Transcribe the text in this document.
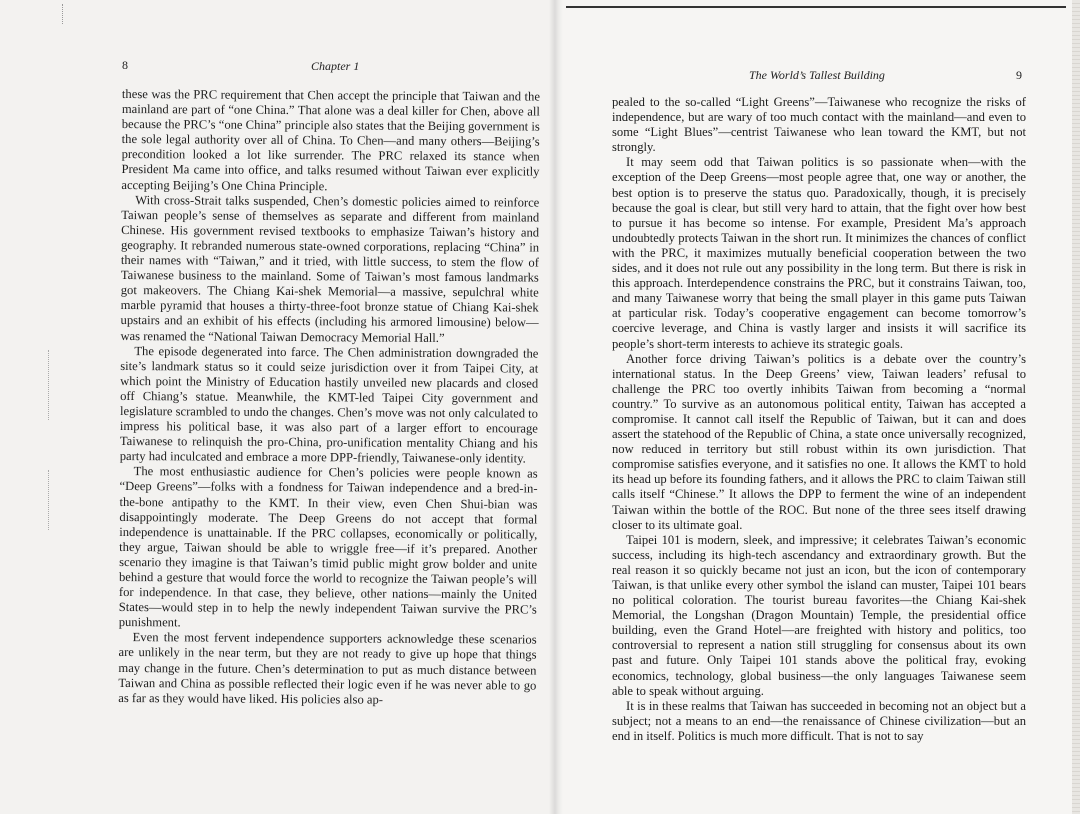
8	Chapter 1
The World’s Tallest Building	9

these was the PRC requirement that Chen accept the principle that Taiwan and the mainland are part of “one China.” That alone was a deal killer for Chen, above all because the PRC’s “one China” principle also states that the Beijing government is the sole legal authority over all of China. To Chen—and many others—Beijing’s precondition looked a lot like surrender. The PRC relaxed its stance when President Ma came into office, and talks resumed without Taiwan ever explicitly accepting Beijing’s One China Principle.

With cross-Strait talks suspended, Chen’s domestic policies aimed to reinforce Taiwan people’s sense of themselves as separate and different from mainland Chinese. His government revised textbooks to emphasize Taiwan’s history and geography. It rebranded numerous state-owned corporations, replacing “China” in their names with “Taiwan,” and it tried, with little success, to stem the flow of Taiwanese business to the mainland. Some of Taiwan’s most famous landmarks got makeovers. The Chiang Kai-shek Memorial—a massive, sepulchral white marble pyramid that houses a thirty-three-foot bronze statue of Chiang Kai-shek upstairs and an exhibit of his effects (including his armored limousine) below—was renamed the “National Taiwan Democracy Memorial Hall.”

The episode degenerated into farce. The Chen administration downgraded the site’s landmark status so it could seize jurisdiction over it from Taipei City, at which point the Ministry of Education hastily unveiled new placards and closed off Chiang’s statue. Meanwhile, the KMT-led Taipei City government and legislature scrambled to undo the changes. Chen’s move was not only calculated to impress his political base, it was also part of a larger effort to encourage Taiwanese to relinquish the pro-China, pro-unification mentality Chiang and his party had inculcated and embrace a more DPP-friendly, Taiwanese-only identity.

The most enthusiastic audience for Chen’s policies were people known as “Deep Greens”—folks with a fondness for Taiwan independence and a bred-in-the-bone antipathy to the KMT. In their view, even Chen Shui-bian was disappointingly moderate. The Deep Greens do not accept that formal independence is unattainable. If the PRC collapses, economically or politically, they argue, Taiwan should be able to wriggle free—if it’s prepared. Another scenario they imagine is that Taiwan’s timid public might grow bolder and unite behind a gesture that would force the world to recognize the Taiwan people’s will for independence. In that case, they believe, other nations—mainly the United States—would step in to help the newly independent Taiwan survive the PRC’s punishment.

Even the most fervent independence supporters acknowledge these scenarios are unlikely in the near term, but they are not ready to give up hope that things may change in the future. Chen’s determination to put as much distance between Taiwan and China as possible reflected their logic even if he was never able to go as far as they would have liked. His policies also ap-

pealed to the so-called “Light Greens”—Taiwanese who recognize the risks of independence, but are wary of too much contact with the mainland—and even to some “Light Blues”—centrist Taiwanese who lean toward the KMT, but not strongly.

It may seem odd that Taiwan politics is so passionate when—with the exception of the Deep Greens—most people agree that, one way or another, the best option is to preserve the status quo. Paradoxically, though, it is precisely because the goal is clear, but still very hard to attain, that the fight over how best to pursue it has become so intense. For example, President Ma’s approach undoubtedly protects Taiwan in the short run. It minimizes the chances of conflict with the PRC, it maximizes mutually beneficial cooperation between the two sides, and it does not rule out any possibility in the long term. But there is risk in this approach. Interdependence constrains the PRC, but it constrains Taiwan, too, and many Taiwanese worry that being the small player in this game puts Taiwan at particular risk. Today’s cooperative engagement can become tomorrow’s coercive leverage, and China is vastly larger and insists it will sacrifice its people’s short-term interests to achieve its strategic goals.

Another force driving Taiwan’s politics is a debate over the country’s international status. In the Deep Greens’ view, Taiwan leaders’ refusal to challenge the PRC too overtly inhibits Taiwan from becoming a “normal country.” To survive as an autonomous political entity, Taiwan has accepted a compromise. It cannot call itself the Republic of Taiwan, but it can and does assert the statehood of the Republic of China, a state once universally recognized, now reduced in territory but still robust within its own jurisdiction. That compromise satisfies everyone, and it satisfies no one. It allows the KMT to hold its head up before its founding fathers, and it allows the PRC to claim Taiwan still calls itself “Chinese.” It allows the DPP to ferment the wine of an independent Taiwan within the bottle of the ROC. But none of the three sees itself drawing closer to its ultimate goal.

Taipei 101 is modern, sleek, and impressive; it celebrates Taiwan’s economic success, including its high-tech ascendancy and extraordinary growth. But the real reason it so quickly became not just an icon, but the icon of contemporary Taiwan, is that unlike every other symbol the island can muster, Taipei 101 bears no political coloration. The tourist bureau favorites—the Chiang Kai-shek Memorial, the Longshan (Dragon Mountain) Temple, the presidential office building, even the Grand Hotel—are freighted with history and politics, too controversial to represent a nation still struggling for consensus about its own past and future. Only Taipei 101 stands above the political fray, evoking economics, technology, global business—the only languages Taiwanese seem able to speak without arguing.

It is in these realms that Taiwan has succeeded in becoming not an object but a subject; not a means to an end—the renaissance of Chinese civilization—but an end in itself. Politics is much more difficult. That is not to say
